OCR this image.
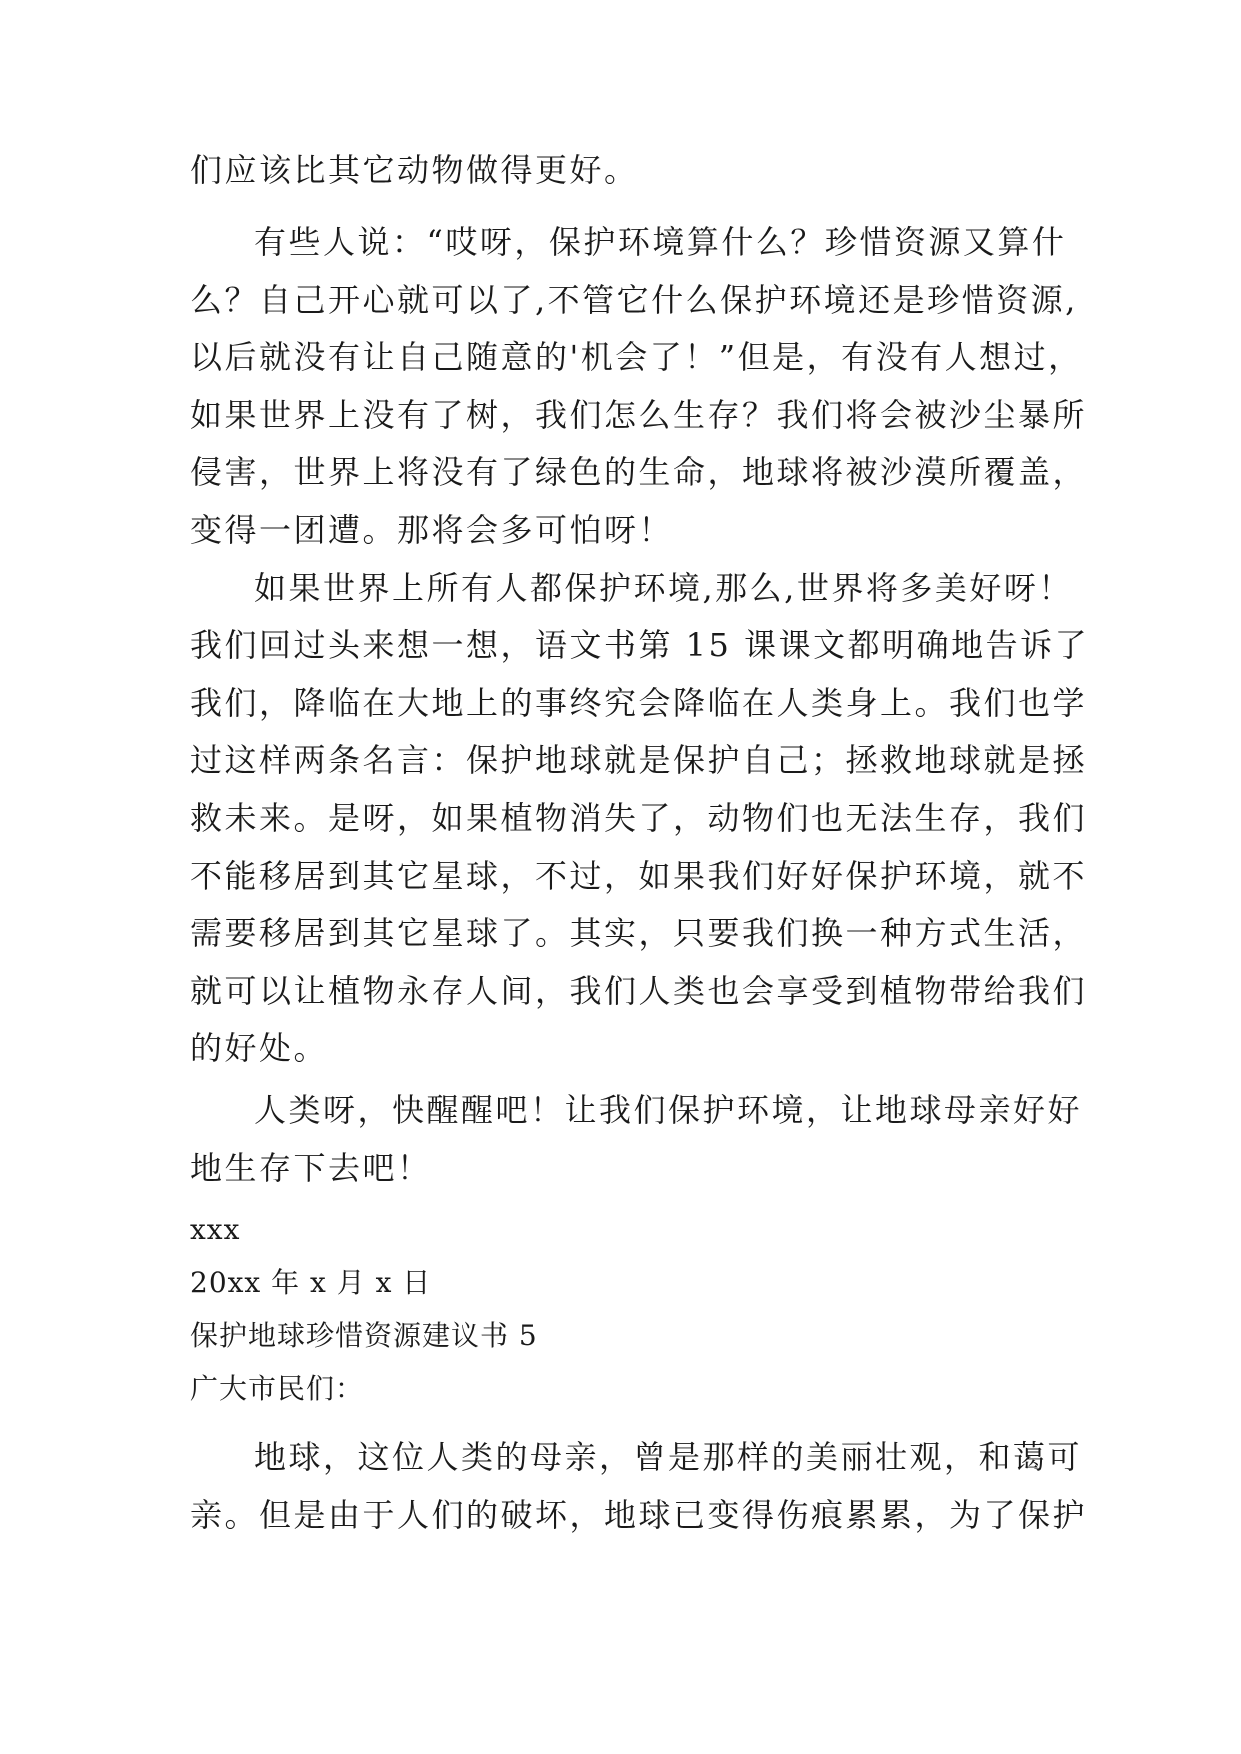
们应该比其它动物做得更好。
有些人说：“哎呀，保护环境算什么？珍惜资源又算什
么？自己开心就可以了,不管它什么保护环境还是珍惜资源,
以后就没有让自己随意的'机会了！”但是，有没有人想过，
如果世界上没有了树，我们怎么生存？我们将会被沙尘暴所
侵害，世界上将没有了绿色的生命，地球将被沙漠所覆盖，
变得一团遭。那将会多可怕呀！
如果世界上所有人都保护环境,那么,世界将多美好呀！
我们回过头来想一想，语文书第 15 课课文都明确地告诉了
我们，降临在大地上的事终究会降临在人类身上。我们也学
过这样两条名言：保护地球就是保护自己；拯救地球就是拯
救未来。是呀，如果植物消失了，动物们也无法生存，我们
不能移居到其它星球，不过，如果我们好好保护环境，就不
需要移居到其它星球了。其实，只要我们换一种方式生活，
就可以让植物永存人间，我们人类也会享受到植物带给我们
的好处。
人类呀，快醒醒吧！让我们保护环境，让地球母亲好好
地生存下去吧！
xxx
20xx 年 x 月 x 日
保护地球珍惜资源建议书 5
广大市民们：
地球，这位人类的母亲，曾是那样的美丽壮观，和蔼可
亲。但是由于人们的破坏，地球已变得伤痕累累，为了保护
